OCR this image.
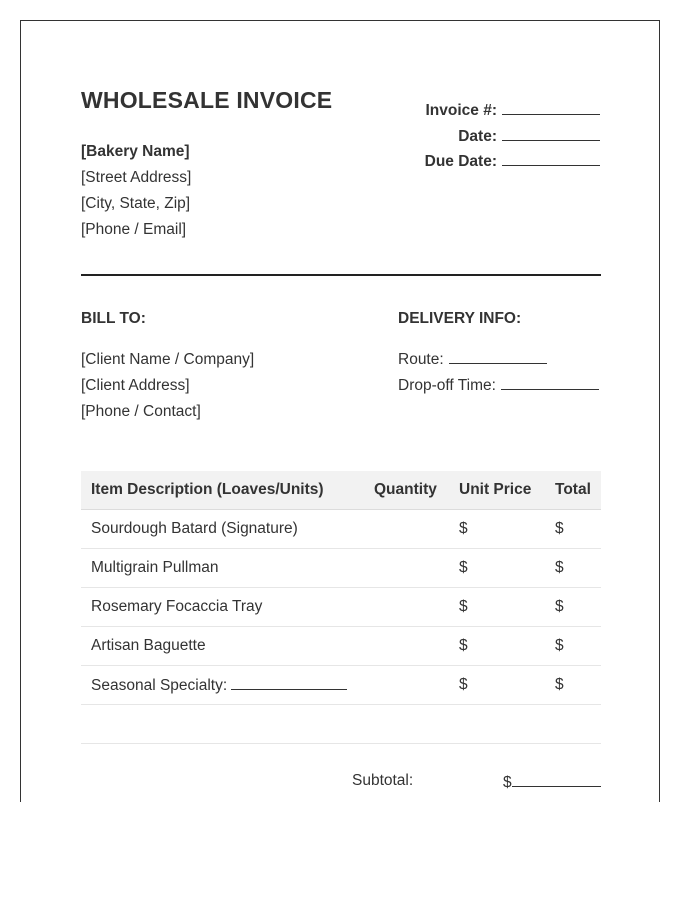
WHOLESALE INVOICE
[Bakery Name]
[Street Address]
[City, State, Zip]
[Phone / Email]
Invoice #:
Date:
Due Date:
BILL TO:	DELIVERY INFO:
[Client Name / Company]
[Client Address]
[Phone / Contact]
Route:
Drop-off Time:
Item Description (Loaves/Units)	Quantity	Unit Price	Total
Sourdough Batard (Signature)		$	$
Multigrain Pullman		$	$
Rosemary Focaccia Tray		$	$
Artisan Baguette		$	$
Seasonal Specialty:		$	$

Subtotal:	$
